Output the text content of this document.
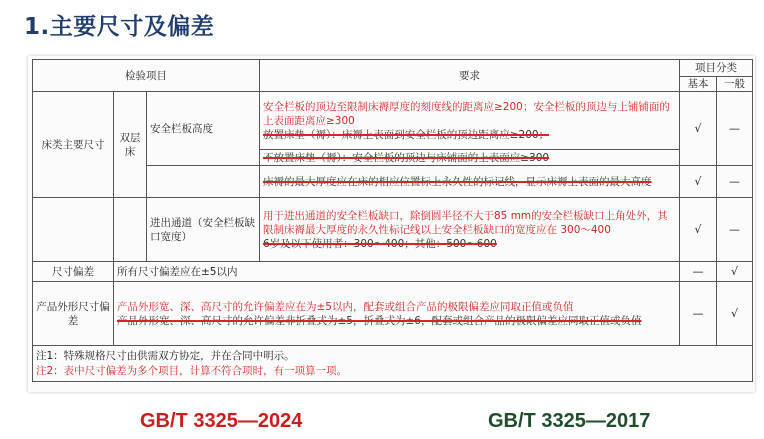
1.主要尺寸及偏差
检验项目			要求	项目分类	
				基本	一般
床类主要尺寸	双层床	安全栏板高度	安全栏板的顶边至限制床褥厚度的刻度线的距离应≥200；安全栏板的顶边与上铺铺面的上表面距离应≥300
放置床垫（褥）：床褥上表面到安全栏板的顶边距离应≥200；	√	—
			不放置床垫（褥）：安全栏板的顶边与床铺面的上表面应≥300		
			床褥的最大厚度应在床的相应位置标上永久性的标记线，显示床褥上表面的最大高度	√	—
		进出通道（安全栏板缺口宽度）	用于进出通道的安全栏板缺口，除倒圆半径不大于85 mm的安全栏板缺口上角处外，其限制床褥最大厚度的永久性标记线以上安全栏板缺口的宽度应在 300～400
6岁及以下使用者：300～400；其他：500～600	√	—
尺寸偏差	所有尺寸偏差应在±5以内			—	√
产品外形尺寸偏差	产品外形宽、深、高尺寸的允许偏差应在为±5以内，配套或组合产品的极限偏差应同取正值或负值
产品外形宽、深、高尺寸的允许偏差非折叠式为±5，折叠式为±6，配套或组合产品的极限偏差应同取正值或负值			—	√

注1：特殊规格尺寸由供需双方协定，并在合同中明示。
注2：表中尺寸偏差为多个项目，计算不符合项时，有一项算一项。					
GB/T 3325—2024	GB/T 3325—2017
